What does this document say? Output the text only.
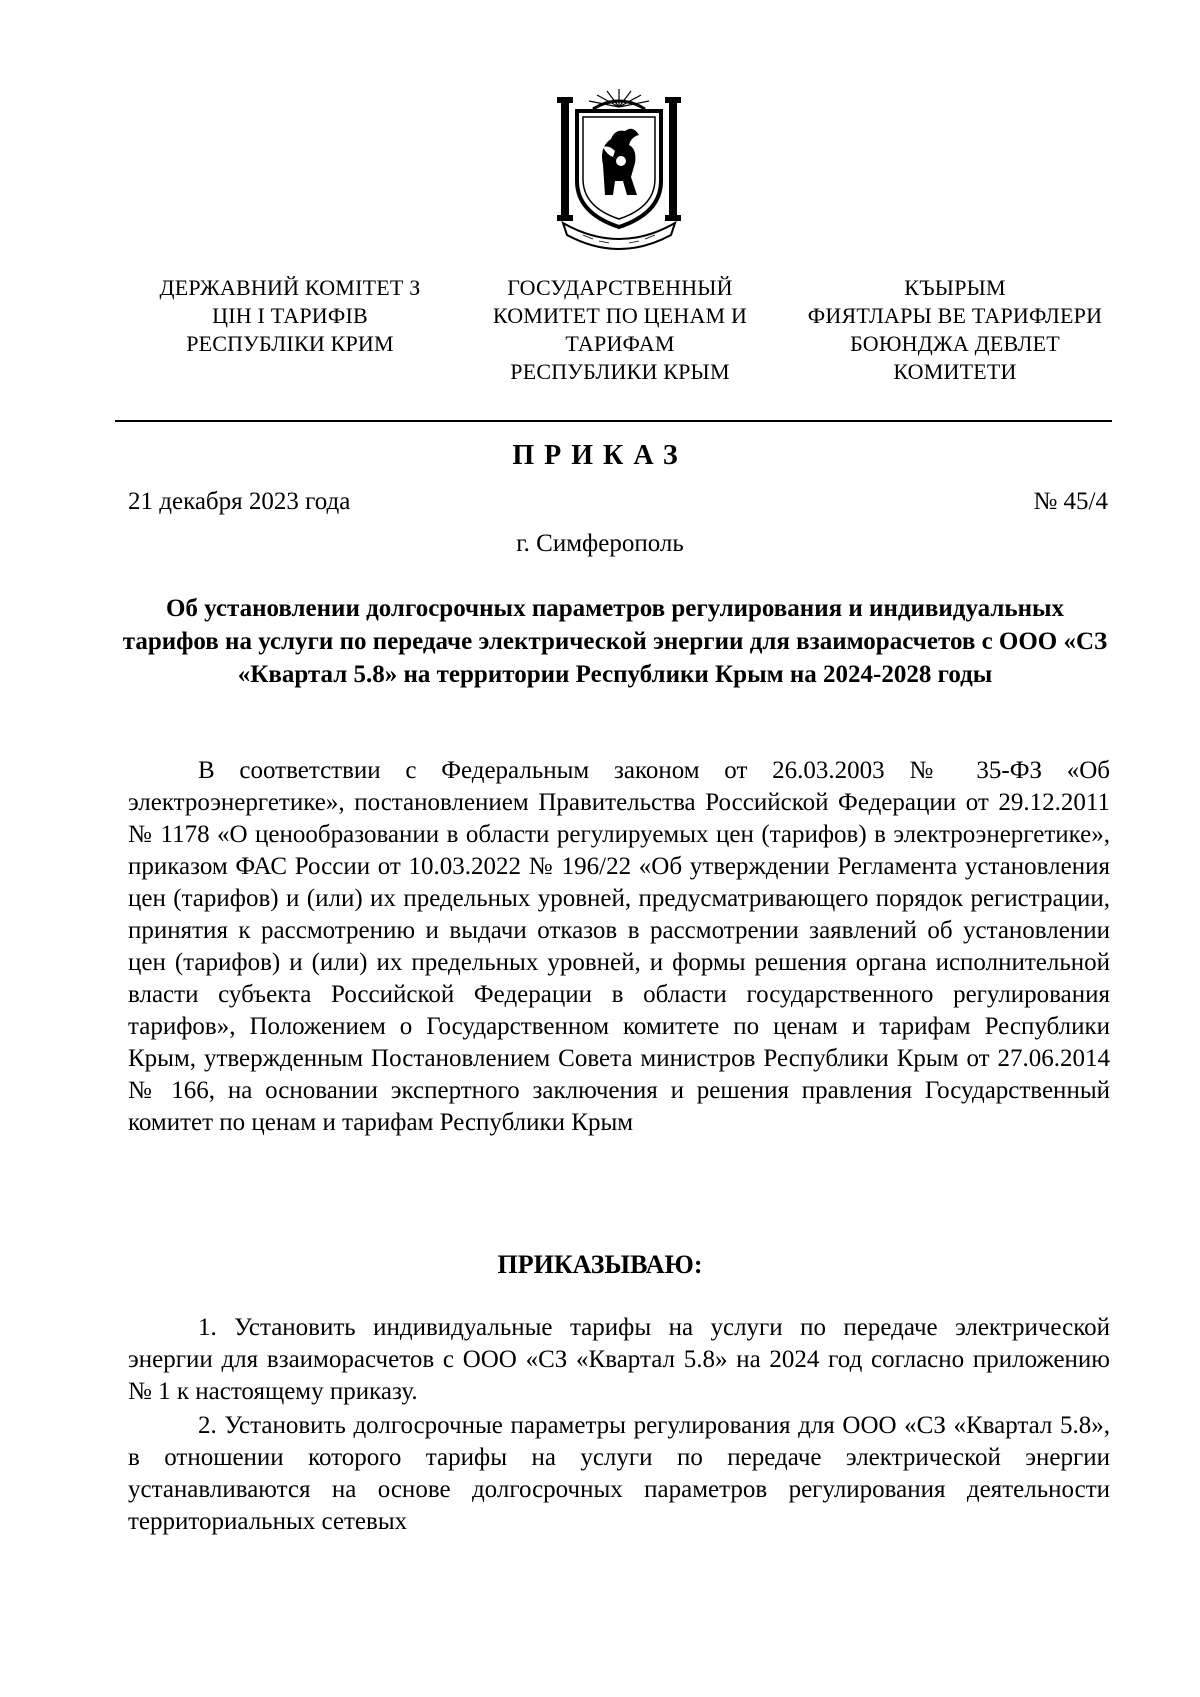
ДЕРЖАВНИЙ КОМІТЕТ З
ЦІН І ТАРИФІВ
РЕСПУБЛІКИ КРИМ
ГОСУДАРСТВЕННЫЙ
КОМИТЕТ ПО ЦЕНАМ И
ТАРИФАМ
РЕСПУБЛИКИ КРЫМ
КЪЫРЫМ
ФИЯТЛАРЫ ВЕ ТАРИФЛЕРИ
БОЮНДЖА ДЕВЛЕТ
КОМИТЕТИ
ПРИКАЗ
21 декабря 2023 года	№ 45/4
г. Симферополь
Об установлении долгосрочных параметров регулирования и индивидуальных тарифов на услуги по передаче электрической энергии для взаиморасчетов с ООО «СЗ «Квартал 5.8» на территории Республики Крым на 2024-2028 годы

В соответствии с Федеральным законом от 26.03.2003 № 35-ФЗ «Об электроэнергетике», постановлением Правительства Российской Федерации от 29.12.2011 № 1178 «О ценообразовании в области регулируемых цен (тарифов) в электроэнергетике», приказом ФАС России от 10.03.2022 № 196/22 «Об утверждении Регламента установления цен (тарифов) и (или) их предельных уровней, предусматривающего порядок регистрации, принятия к рассмотрению и выдачи отказов в рассмотрении заявлений об установлении цен (тарифов) и (или) их предельных уровней, и формы решения органа исполнительной власти субъекта Российской Федерации в области государственного регулирования тарифов», Положением о Государственном комитете по ценам и тарифам Республики Крым, утвержденным Постановлением Совета министров Республики Крым от 27.06.2014 № 166, на основании экспертного заключения и решения правления Государственный комитет по ценам и тарифам Республики Крым

ПРИКАЗЫВАЮ:

1. Установить индивидуальные тарифы на услуги по передаче электрической энергии для взаиморасчетов с ООО «СЗ «Квартал 5.8» на 2024 год согласно приложению № 1 к настоящему приказу.

2. Установить долгосрочные параметры регулирования для ООО «СЗ «Квартал 5.8», в отношении которого тарифы на услуги по передаче электрической энергии устанавливаются на основе долгосрочных параметров регулирования деятельности территориальных сетевых
